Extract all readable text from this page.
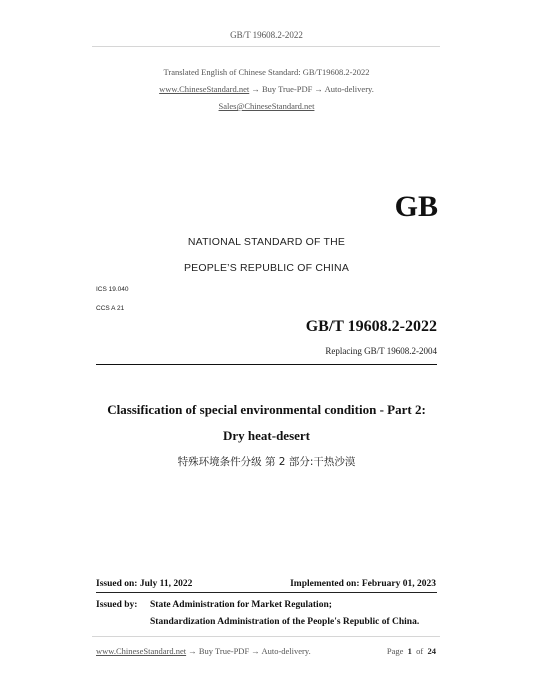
GB/T 19608.2-2022
Translated English of Chinese Standard: GB/T19608.2-2022
www.ChineseStandard.net → Buy True-PDF → Auto-delivery.
Sales@ChineseStandard.net
GB
NATIONAL STANDARD OF THE
PEOPLE’S REPUBLIC OF CHINA
ICS 19.040
CCS A 21
GB/T 19608.2-2022
Replacing GB/T 19608.2-2004
Classification of special environmental condition - Part 2:
Dry heat-desert
特殊环境条件分级 第 2 部分:干热沙漠
Issued on: July 11, 2022	Implemented on: February 01, 2023
Issued by: State Administration for Market Regulation;
Standardization Administration of the People's Republic of China.
www.ChineseStandard.net → Buy True-PDF → Auto-delivery.	Page 1 of 24
